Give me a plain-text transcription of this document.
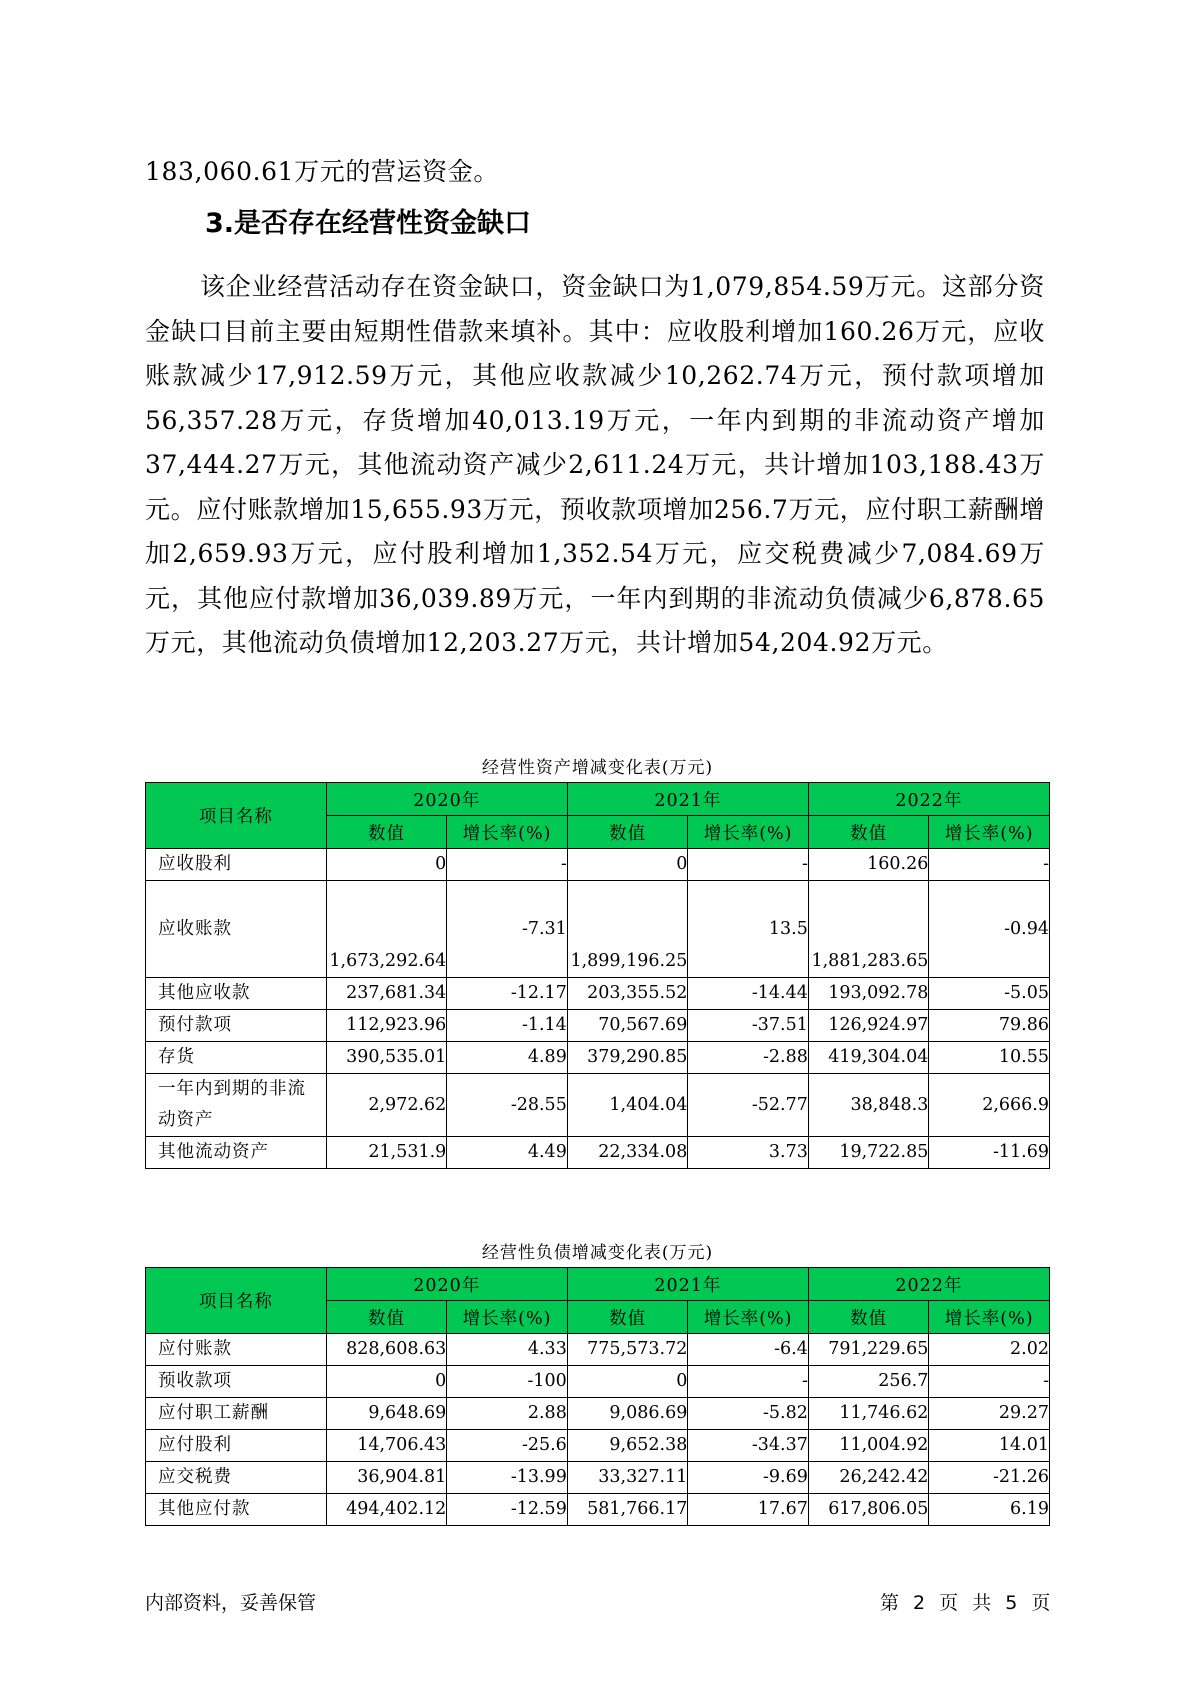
183,060.61万元的营运资金。

3.是否存在经营性资金缺口

该企业经营活动存在资金缺口，资金缺口为1,079,854.59万元。这部分资金缺口目前主要由短期性借款来填补。其中：应收股利增加160.26万元，应收账款减少17,912.59万元，其他应收款减少10,262.74万元，预付款项增加56,357.28万元，存货增加40,013.19万元，一年内到期的非流动资产增加37,444.27万元，其他流动资产减少2,611.24万元，共计增加103,188.43万元。应付账款增加15,655.93万元，预收款项增加256.7万元，应付职工薪酬增加2,659.93万元，应付股利增加1,352.54万元，应交税费减少7,084.69万元，其他应付款增加36,039.89万元，一年内到期的非流动负债减少6,878.65万元，其他流动负债增加12,203.27万元，共计增加54,204.92万元。

经营性资产增减变化表(万元)
项目名称	2020年		2021年		2022年	
	数值	增长率(%)	数值	增长率(%)	数值	增长率(%)
应收股利	0	-	0	-	160.26	-
应收账款	1,673,292.64	-7.31	1,899,196.25	13.5	1,881,283.65	-0.94
其他应收款	237,681.34	-12.17	203,355.52	-14.44	193,092.78	-5.05
预付款项	112,923.96	-1.14	70,567.69	-37.51	126,924.97	79.86
存货	390,535.01	4.89	379,290.85	-2.88	419,304.04	10.55
一年内到期的非流动资产	2,972.62	-28.55	1,404.04	-52.77	38,848.3	2,666.9
其他流动资产	21,531.9	4.49	22,334.08	3.73	19,722.85	-11.69
经营性负债增减变化表(万元)
项目名称	2020年		2021年		2022年	
	数值	增长率(%)	数值	增长率(%)	数值	增长率(%)
应付账款	828,608.63	4.33	775,573.72	-6.4	791,229.65	2.02
预收款项	0	-100	0	-	256.7	-
应付职工薪酬	9,648.69	2.88	9,086.69	-5.82	11,746.62	29.27
应付股利	14,706.43	-25.6	9,652.38	-34.37	11,004.92	14.01
应交税费	36,904.81	-13.99	33,327.11	-9.69	26,242.42	-21.26
其他应付款	494,402.12	-12.59	581,766.17	17.67	617,806.05	6.19

内部资料，妥善保管	第 2 页 共 5 页
